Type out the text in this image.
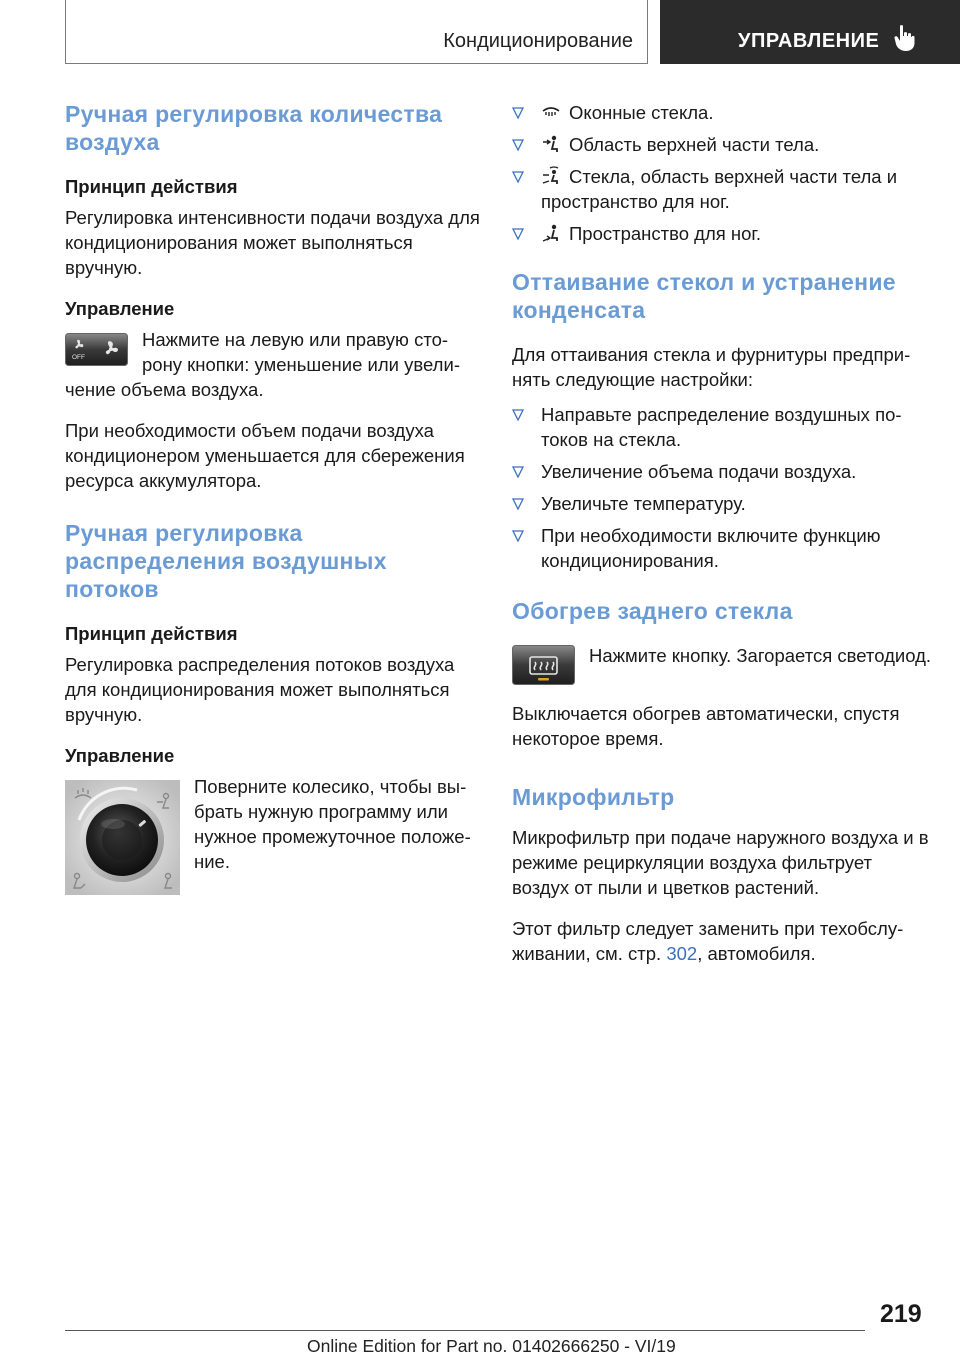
Кондиционирование	УПРАВЛЕНИЕ
Ручная регулировка количества воздуха
Принцип действия

Регулировка интенсивности подачи воздуха для кондиционирования может выполняться вручную.

Управление
OFF
Нажмите на левую или правую сторону кнопки: уменьшение или увеличение объема воздуха.

При необходимости объем подачи воздуха кондиционером уменьшается для сбережения ресурса аккумулятора.

Ручная регулировка распределения воздушных потоков
Принцип действия

Регулировка распределения потоков воздуха для кондиционирования может выполняться вручную.

Управление
Поверните колесико, чтобы выбрать нужную программу или нужное промежуточное положение.
Оконные стекла.
Область верхней части тела.
Стекла, область верхней части тела и пространство для ног.
Пространство для ног.
Оттаивание стекол и устранение конденсата

Для оттаивания стекла и фурнитуры предпринять следующие настройки:

Направьте распределение воздушных потоков на стекла.
Увеличение объема подачи воздуха.
Увеличьте температуру.
При необходимости включите функцию кондиционирования.
Обогрев заднего стекла
Нажмите кнопку. Загорается светодиод.

Выключается обогрев автоматически, спустя некоторое время.

Микрофильтр

Микрофильтр при подаче наружного воздуха и в режиме рециркуляции воздуха фильтрует воздух от пыли и цветков растений.

Этот фильтр следует заменить при техобслуживании, см. стр. 302, автомобиля.

219
Online Edition for Part no. 01402666250 - VI/19
